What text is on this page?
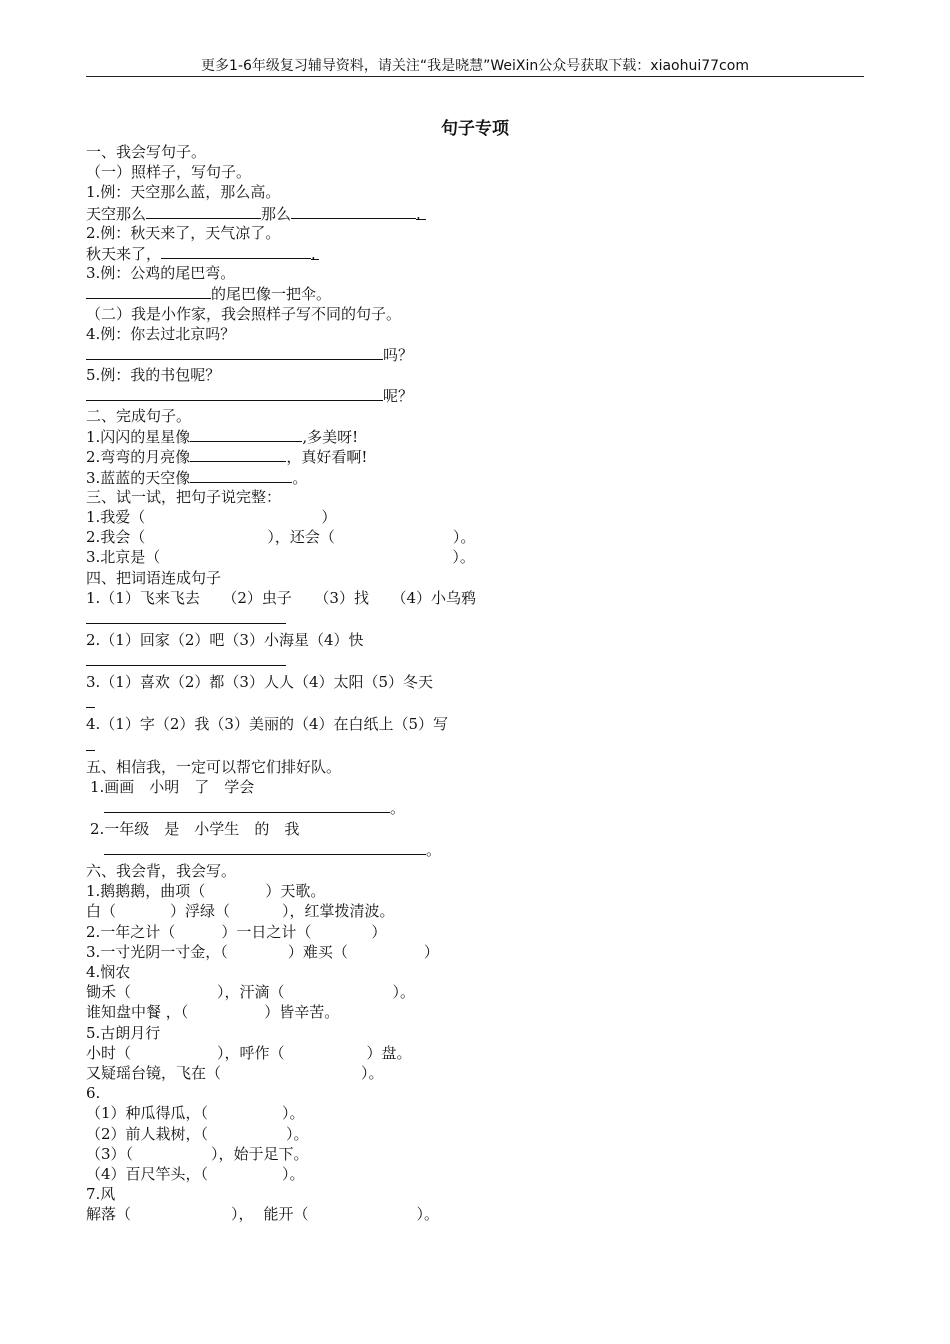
更多1-6年级复习辅导资料，请关注“我是晓慧”WeiXin公众号获取下载：xiaohui77com
句子专项
一、我会写句子。
（一）照样子，写句子。
1.例：天空那么蓝，那么高。
天空那么	那么	.
2.例：秋天来了，天气凉了。
秋天来了，	.
3.例：公鸡的尾巴弯。
的尾巴像一把伞。
（二）我是小作家，我会照样子写不同的句子。
4.例：你去过北京吗？
吗？
5.例：我的书包呢？
呢？
二、完成句子。
1.闪闪的星星像	,多美呀!
2.弯弯的月亮像	，真好看啊!
3.蓝蓝的天空像	。
三、试一试，把句子说完整：
1.我爱（	）
2.我会（	），还会（	）。
3.北京是（	）。
四、把词语连成句子
1.（1）飞来飞去　　（2）虫子　　（3）找　　（4）小乌鸦
2.（1）回家（2）吧（3）小海星（4）快
3.（1）喜欢（2）都（3）人人（4）太阳（5）冬天
4.（1）字（2）我（3）美丽的（4）在白纸上（5）写
五、相信我，一定可以帮它们排好队。
1.画画　小明　了　学会
。
2.一年级　是　小学生　的　我
。
六、我会背，我会写。
1.鹅鹅鹅，曲项（	）天歌。
白（	）浮绿（	），红掌拨清波。
2.一年之计（	）一日之计（	）
3.一寸光阴一寸金，（	）难买（	）
4.悯农
锄禾（	），汗滴（	）。
谁知盘中餐 ，（	）皆辛苦。
5.古朗月行
小时（	），呼作（	）盘。
又疑瑶台镜，飞在（	）。
6.
（1）种瓜得瓜，（	）。
（2）前人栽树，（	）。
（3）（	），始于足下。
（4）百尺竿头，（	）。
7.风
解落（	）， 能开（	）。
